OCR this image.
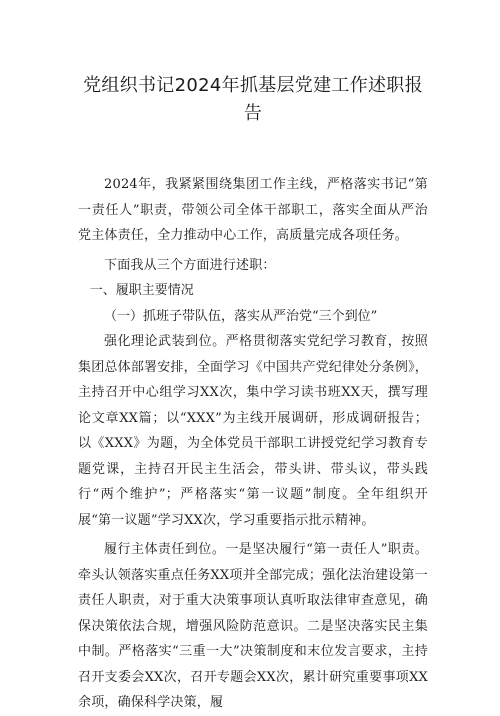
党组织书记2024年抓基层党建工作述职报告

2024年，我紧紧围绕集团工作主线，严格落实书记“第一责任人”职责，带领公司全体干部职工，落实全面从严治党主体责任，全力推动中心工作，高质量完成各项任务。

下面我从三个方面进行述职：

一、履职主要情况

（一）抓班子带队伍，落实从严治党“三个到位”

强化理论武装到位。严格贯彻落实党纪学习教育，按照集团总体部署安排，全面学习《中国共产党纪律处分条例》，主持召开中心组学习XX次，集中学习读书班XX天，撰写理论文章XX篇；以“XXX”为主线开展调研，形成调研报告；以《XXX》为题，为全体党员干部职工讲授党纪学习教育专题党课，主持召开民主生活会，带头讲、带头议，带头践行“两个维护”；严格落实“第一议题”制度。全年组织开展“第一议题”学习XX次，学习重要指示批示精神。

履行主体责任到位。一是坚决履行“第一责任人”职责。牵头认领落实重点任务XX项并全部完成；强化法治建设第一责任人职责，对于重大决策事项认真听取法律审查意见，确保决策依法合规，增强风险防范意识。二是坚决落实民主集中制。严格落实“三重一大”决策制度和末位发言要求，主持召开支委会XX次，召开专题会XX次，累计研究重要事项XX余项，确保科学决策，履
